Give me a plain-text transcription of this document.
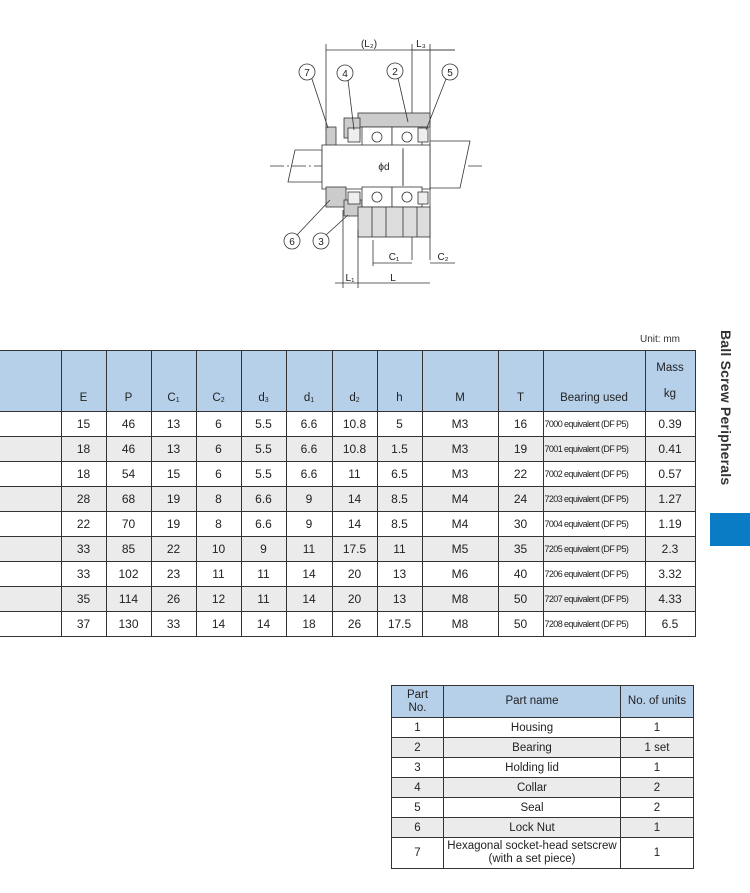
(L₂)	L₃
7	4	2	5
6 3
ϕd
C₁	C₂
L₁	L
Unit: mm	Ball Screw Peripherals
	E	P	$C_1$	$C_2$	$d_3$	$d_1$	$d_2$	h	M	T	Bearing used	Mass
kg
	15	46	13	6	5.5	6.6	10.8	5	M3	16	7000 equivalent (DF P5)	0.39
	18	46	13	6	5.5	6.6	10.8	1.5	M3	19	7001 equivalent (DF P5)	0.41
	18	54	15	6	5.5	6.6	11	6.5	M3	22	7002 equivalent (DF P5)	0.57
	28	68	19	8	6.6	9	14	8.5	M4	24	7203 equivalent (DF P5)	1.27
	22	70	19	8	6.6	9	14	8.5	M4	30	7004 equivalent (DF P5)	1.19
	33	85	22	10	9	11	17.5	11	M5	35	7205 equivalent (DF P5)	2.3
	33	102	23	11	11	14	20	13	M6	40	7206 equivalent (DF P5)	3.32
	35	114	26	12	11	14	20	13	M8	50	7207 equivalent (DF P5)	4.33
	37	130	33	14	14	18	26	17.5	M8	50	7208 equivalent (DF P5)	6.5
Part
No.	Part name	No. of units
1	Housing	1
2	Bearing	1 set
3	Holding lid	1
4	Collar	2
5	Seal	2
6	Lock Nut	1
7	Hexagonal socket-head setscrew
(with a set piece)	1
